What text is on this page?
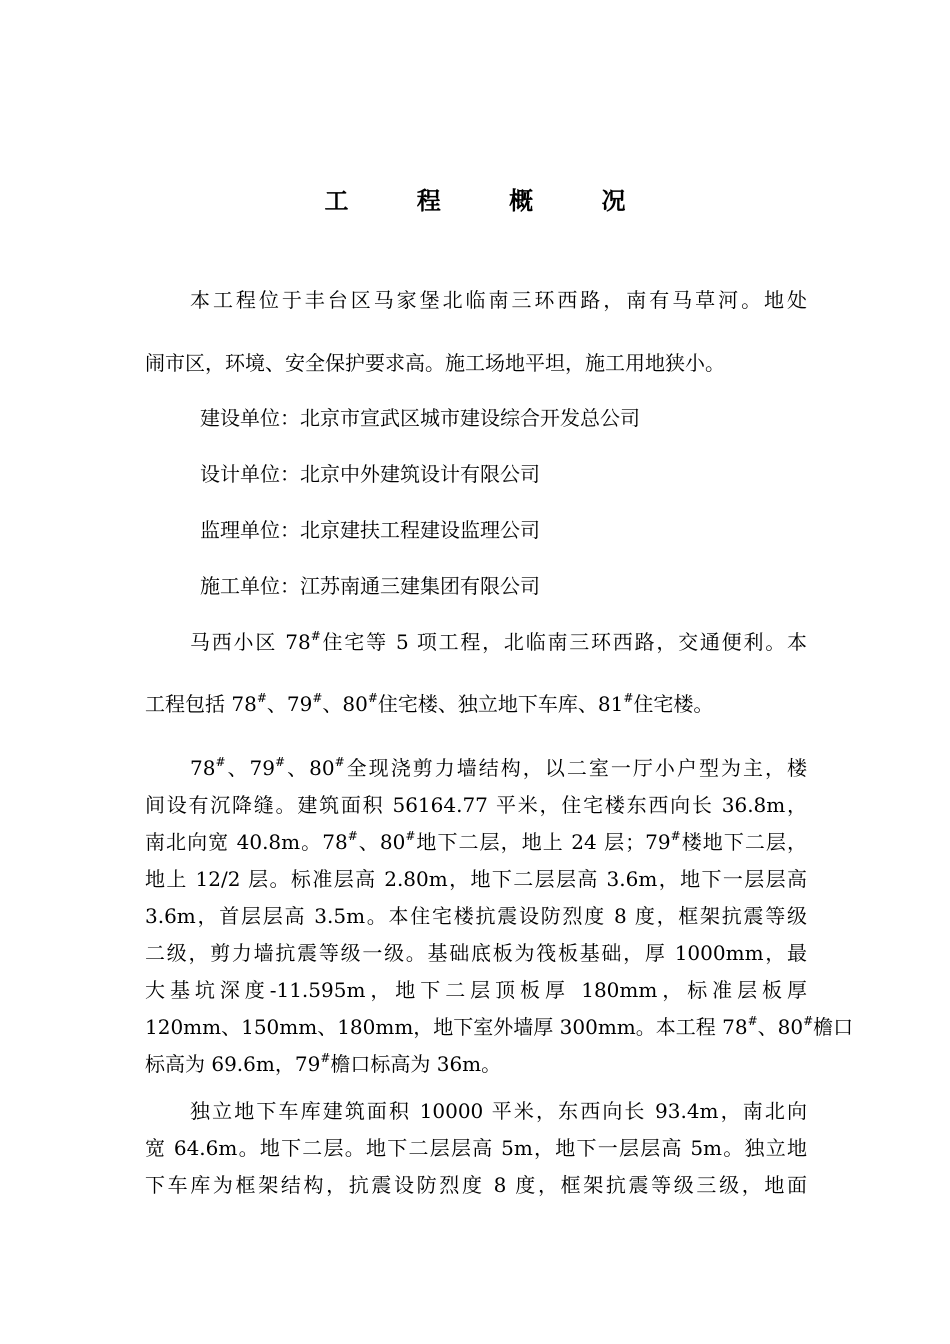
工 程 概 况
本工程位于丰台区马家堡北临南三环西路，南有马草河。地处
闹市区，环境、安全保护要求高。施工场地平坦，施工用地狭小。
建设单位：北京市宣武区城市建设综合开发总公司
设计单位：北京中外建筑设计有限公司
监理单位：北京建扶工程建设监理公司
施工单位：江苏南通三建集团有限公司
马西小区 78#住宅等 5 项工程，北临南三环西路，交通便利。本
工程包括 78#、79#、80#住宅楼、独立地下车库、81#住宅楼。
78#、79#、80#全现浇剪力墙结构，以二室一厅小户型为主，楼
间设有沉降缝。建筑面积 56164.77 平米，住宅楼东西向长 36.8m，
南北向宽 40.8m。78#、80#地下二层，地上 24 层；79#楼地下二层，
地上 12/2 层。标准层高 2.80m，地下二层层高 3.6m，地下一层层高
3.6m，首层层高 3.5m。本住宅楼抗震设防烈度 8 度，框架抗震等级
二级，剪力墙抗震等级一级。基础底板为筏板基础，厚 1000mm，最
大基坑深度-11.595m，地下二层顶板厚 180mm，标准层板厚
120mm、150mm、180mm，地下室外墙厚 300mm。本工程 78#、80#檐口
标高为 69.6m，79#檐口标高为 36m。
独立地下车库建筑面积 10000 平米，东西向长 93.4m，南北向
宽 64.6m。地下二层。地下二层层高 5m，地下一层层高 5m。独立地
下车库为框架结构，抗震设防烈度 8 度，框架抗震等级三级，地面
